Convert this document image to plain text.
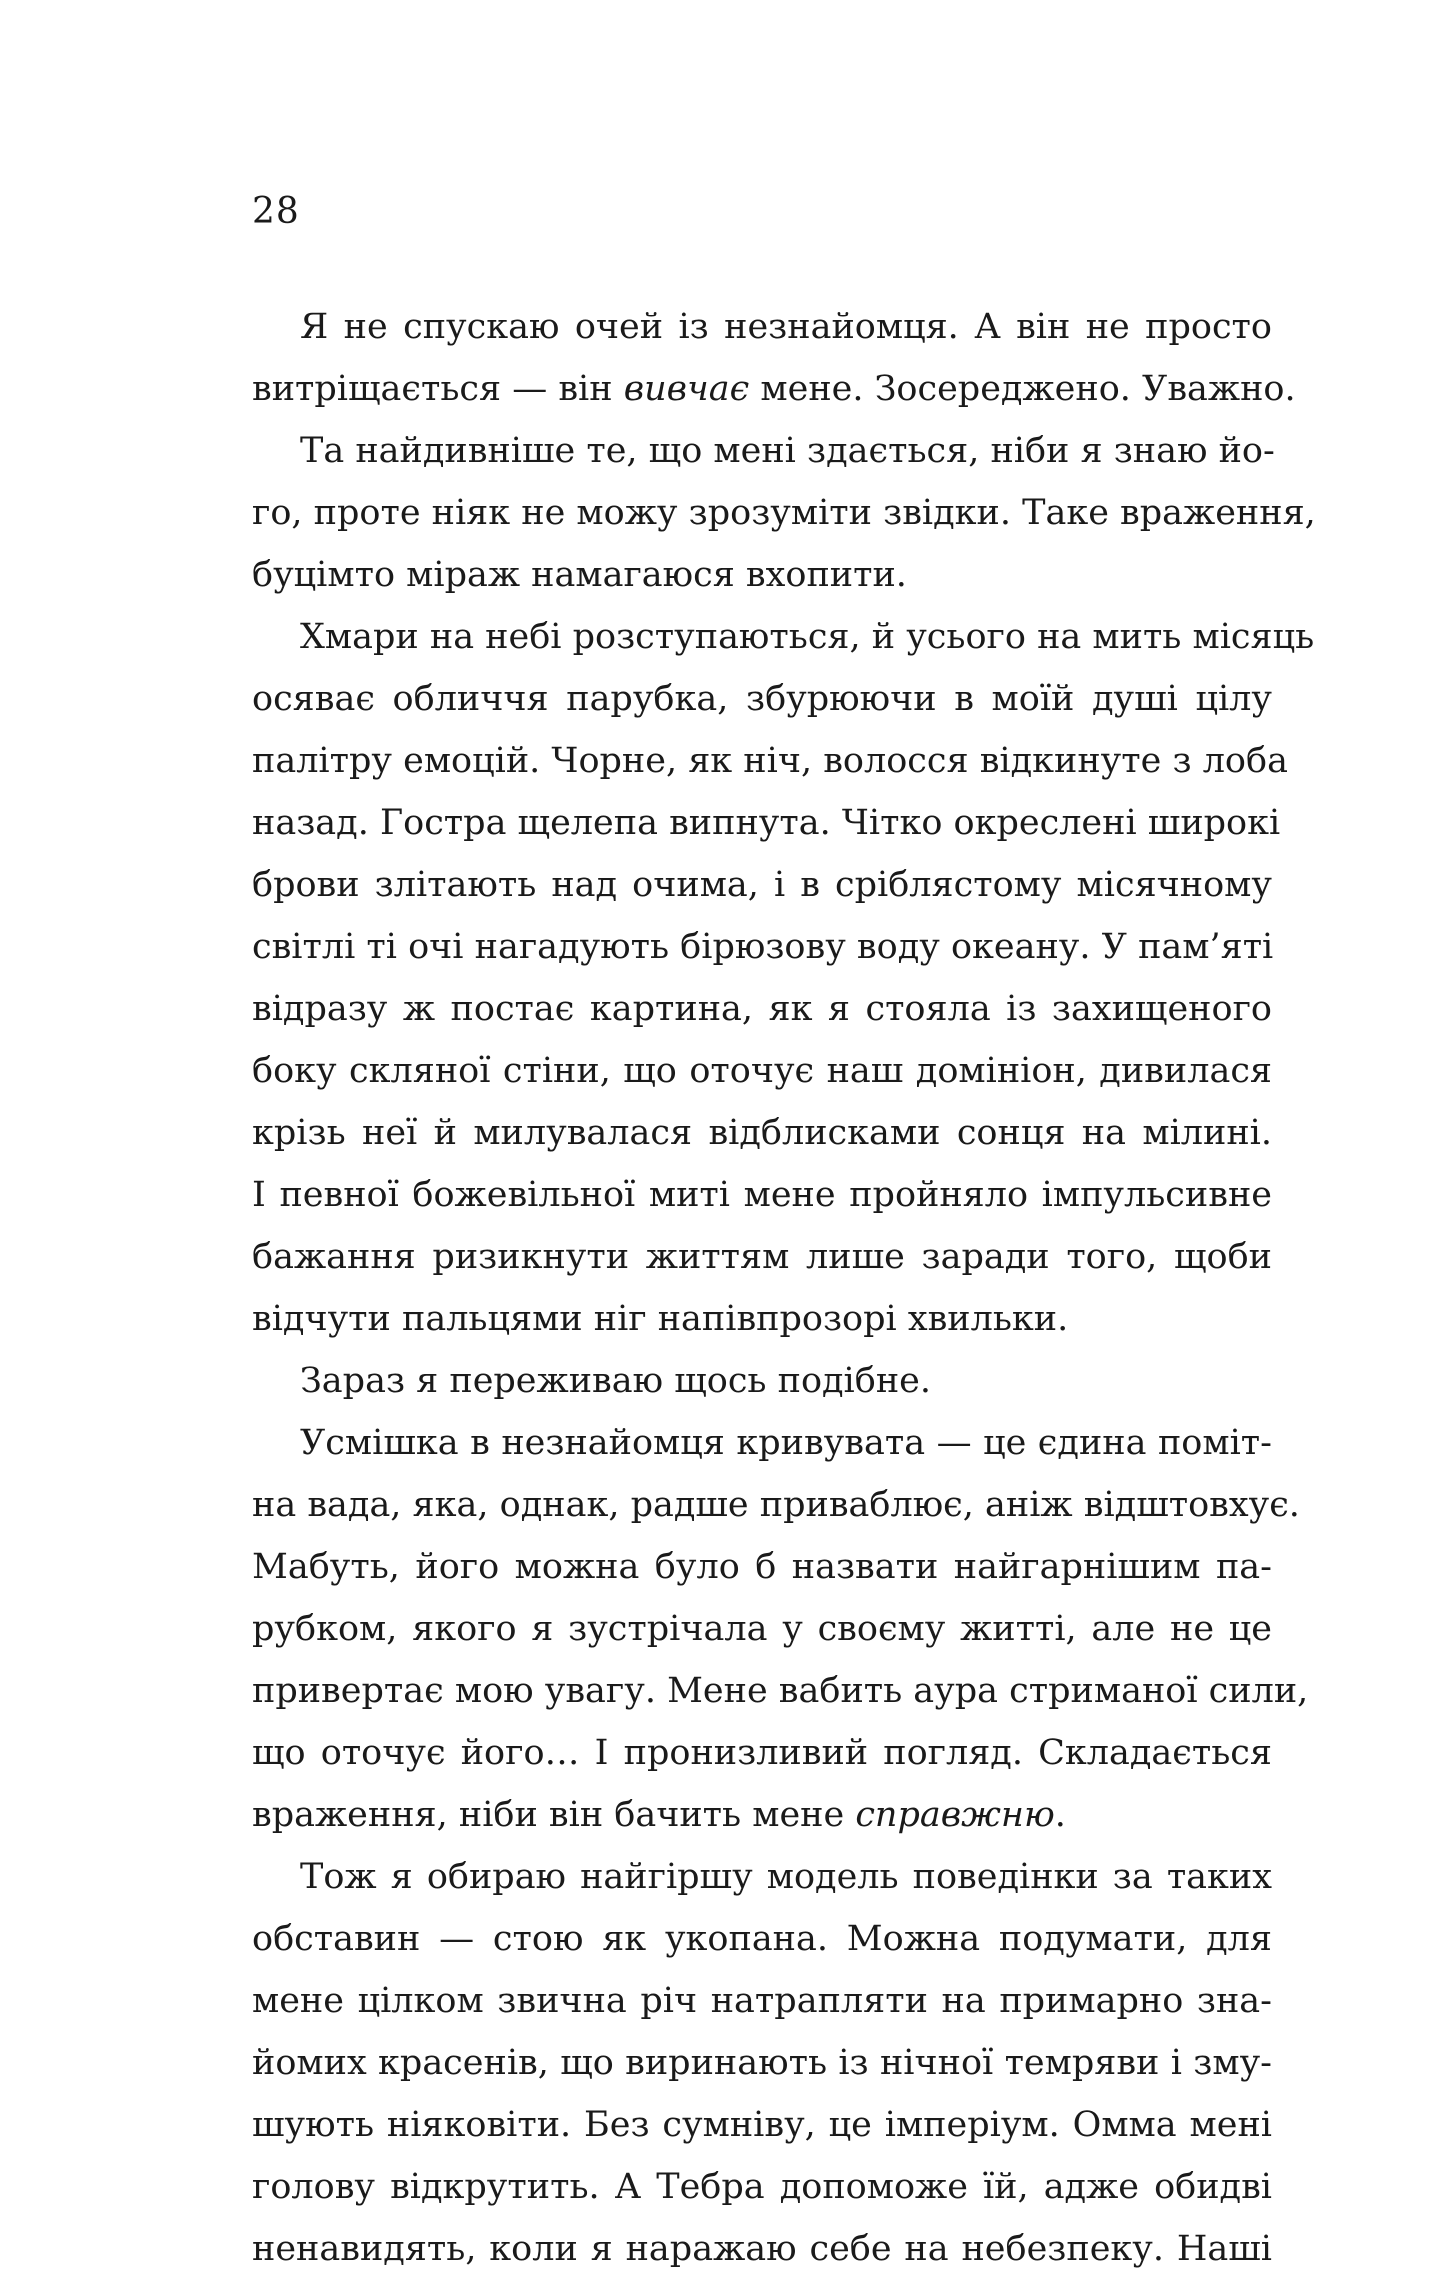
28
Я не спускаю очей із незнайомця. А він не просто
витріщається — він вивчає мене. Зосереджено. Уважно.
Та найдивніше те, що мені здається, ніби я знаю йо-
го, проте ніяк не можу зрозуміти звідки. Таке враження,
буцімто міраж намагаюся вхопити.
Хмари на небі розступаються, й усього на мить місяць
осяває обличчя парубка, збурюючи в моїй душі цілу
палітру емоцій. Чорне, як ніч, волосся відкинуте з лоба
назад. Гостра щелепа випнута. Чітко окреслені широкі
брови злітають над очима, і в сріблястому місячному
світлі ті очі нагадують бірюзову воду океану. У пам’яті
відразу ж постає картина, як я стояла із захищеного
боку скляної стіни, що оточує наш домініон, дивилася
крізь неї й милувалася відблисками сонця на мілині.
І певної божевільної миті мене пройняло імпульсивне
бажання ризикнути життям лише заради того, щоби
відчути пальцями ніг напівпрозорі хвильки.
Зараз я переживаю щось подібне.
Усмішка в незнайомця кривувата — це єдина поміт-
на вада, яка, однак, радше приваблює, аніж відштовхує.
Мабуть, його можна було б назвати найгарнішим па-
рубком, якого я зустрічала у своєму житті, але не це
привертає мою увагу. Мене вабить аура стриманої сили,
що оточує його… І пронизливий погляд. Складається
враження, ніби він бачить мене справжню.
Тож я обираю найгіршу модель поведінки за таких
обставин — стою як укопана. Можна подумати, для
мене цілком звична річ натрапляти на примарно зна-
йомих красенів, що виринають із нічної темряви і зму-
шують ніяковіти. Без сумніву, це імперіум. Омма мені
голову відкрутить. А Тебра допоможе їй, адже обидві
ненавидять, коли я наражаю себе на небезпеку. Наші
